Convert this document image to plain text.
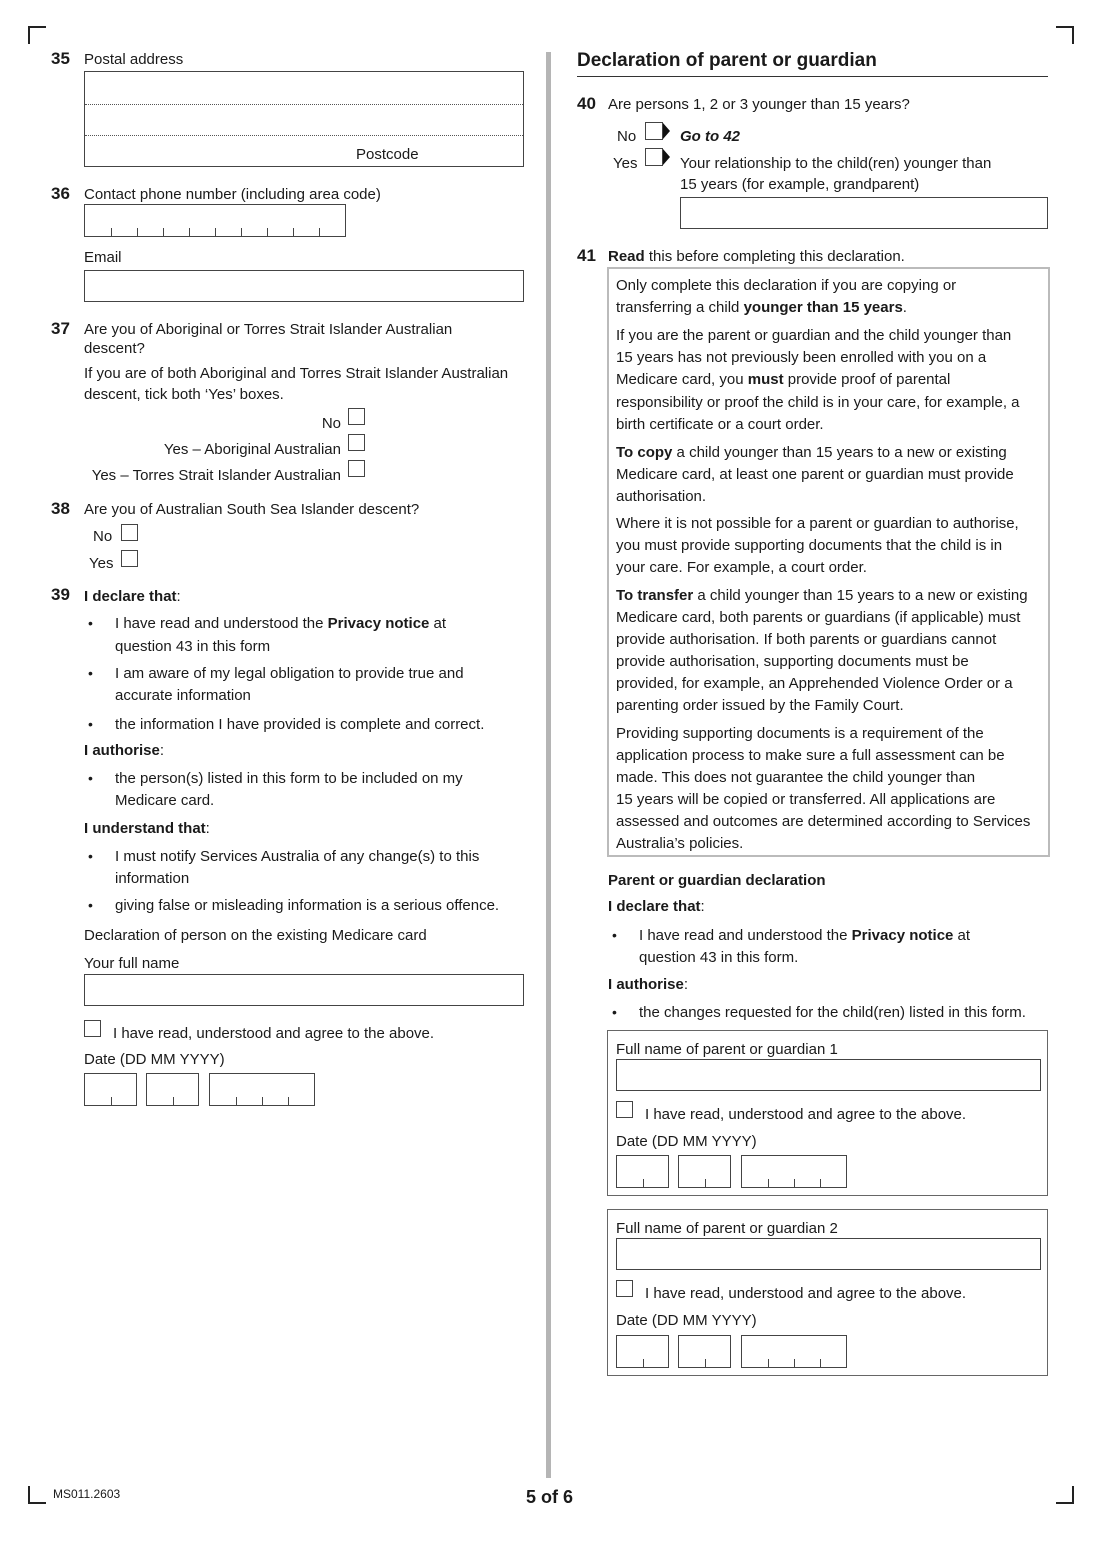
35 Postal address
Postcode
36 Contact phone number (including area code)
Email
37 Are you of Aboriginal or Torres Strait Islander Australian
descent?
If you are of both Aboriginal and Torres Strait Islander Australian
descent, tick both ‘Yes’ boxes.
No
Yes – Aboriginal Australian
Yes – Torres Strait Islander Australian
38 Are you of Australian South Sea Islander descent?
No
Yes
39 I declare that:
• I have read and understood the Privacy notice at
question 43 in this form
• I am aware of my legal obligation to provide true and
accurate information
• the information I have provided is complete and correct.
I authorise:
• the person(s) listed in this form to be included on my
Medicare card.
I understand that:
• I must notify Services Australia of any change(s) to this
information
• giving false or misleading information is a serious offence.
Declaration of person on the existing Medicare card
Your full name
I have read, understood and agree to the above.
Date (DD MM YYYY)
Declaration of parent or guardian
40 Are persons 1, 2 or 3 younger than 15 years?
No	Go to 42
Yes	Your relationship to the child(ren) younger than
15 years (for example, grandparent)
41 Read this before completing this declaration.
Only complete this declaration if you are copying or
transferring a child younger than 15 years.
If you are the parent or guardian and the child younger than
15 years has not previously been enrolled with you on a
Medicare card, you must provide proof of parental
responsibility or proof the child is in your care, for example, a
birth certificate or a court order.
To copy a child younger than 15 years to a new or existing
Medicare card, at least one parent or guardian must provide
authorisation.
Where it is not possible for a parent or guardian to authorise,
you must provide supporting documents that the child is in
your care. For example, a court order.
To transfer a child younger than 15 years to a new or existing
Medicare card, both parents or guardians (if applicable) must
provide authorisation. If both parents or guardians cannot
provide authorisation, supporting documents must be
provided, for example, an Apprehended Violence Order or a
parenting order issued by the Family Court.
Providing supporting documents is a requirement of the
application process to make sure a full assessment can be
made. This does not guarantee the child younger than
15 years will be copied or transferred. All applications are
assessed and outcomes are determined according to Services
Australia’s policies.
Parent or guardian declaration
I declare that:
• I have read and understood the Privacy notice at
question 43 in this form.
I authorise:
• the changes requested for the child(ren) listed in this form.
Full name of parent or guardian 1
I have read, understood and agree to the above.
Date (DD MM YYYY)
Full name of parent or guardian 2
I have read, understood and agree to the above.
Date (DD MM YYYY)
MS011.2603	5 of 6
